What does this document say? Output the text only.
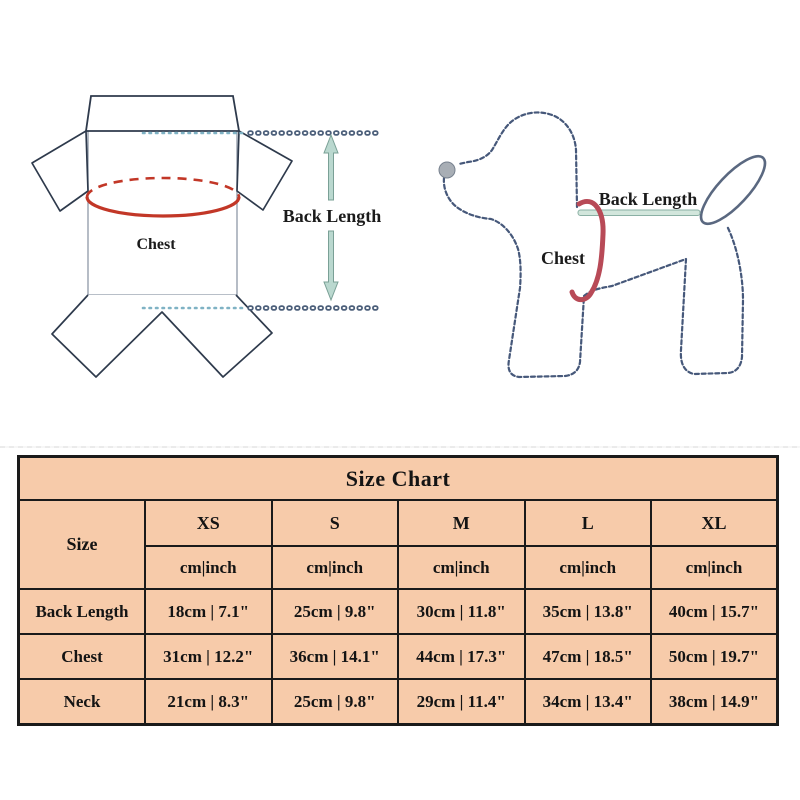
Back Length
Chest
Back Length
Chest
Size Chart					
Size	XS	S	M	L	XL
	cm|inch	cm|inch	cm|inch	cm|inch	cm|inch
Back Length	18cm | 7.1"	25cm | 9.8"	30cm | 11.8"	35cm | 13.8"	40cm | 15.7"
Chest	31cm | 12.2"	36cm | 14.1"	44cm | 17.3"	47cm | 18.5"	50cm | 19.7"
Neck	21cm | 8.3"	25cm | 9.8"	29cm | 11.4"	34cm | 13.4"	38cm | 14.9"
